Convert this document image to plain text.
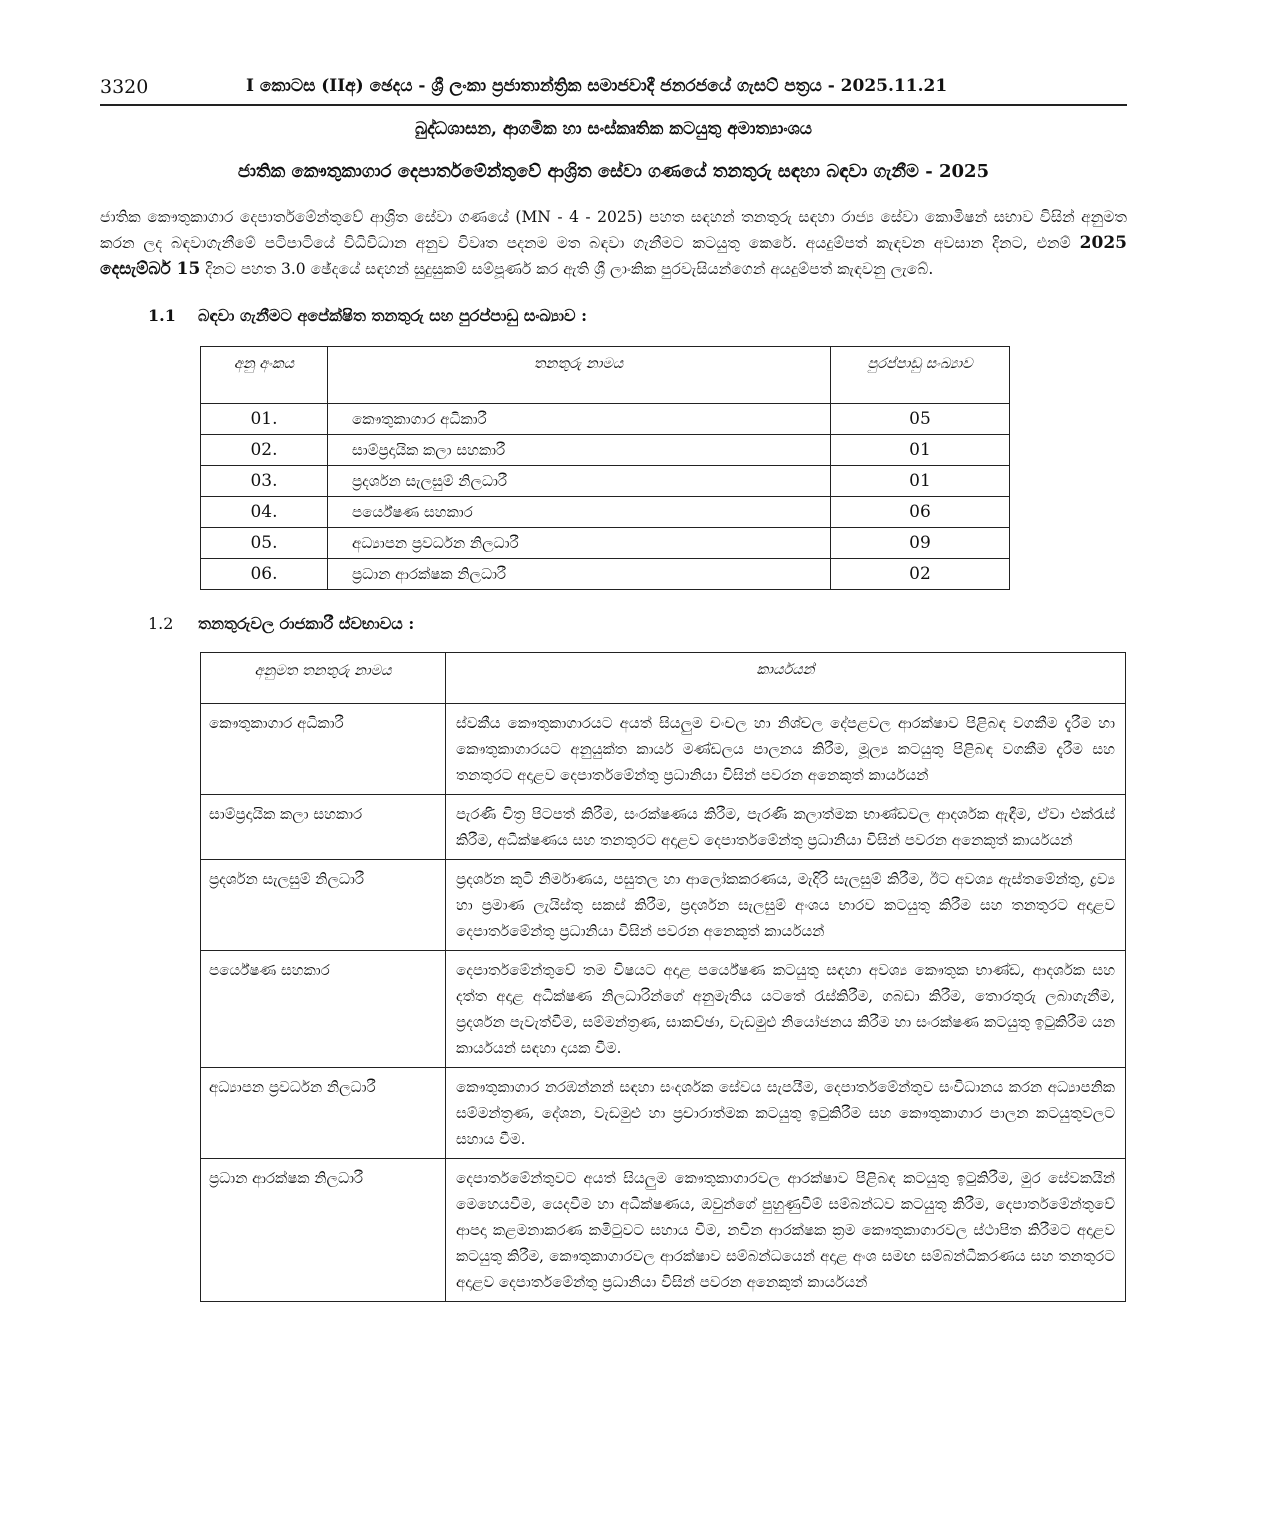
3320	I කොටස (IIඅ) ඡෙදය - ශ්‍රී ලංකා ප්‍රජාතාන්ත්‍රික සමාජවාදී ජනරජයේ ගැසට් පත්‍රය - 2025.11.21
බුද්ධශාසන, ආගමික හා සංස්කෘතික කටයුතු අමාත්‍යාංශය
ජාතික කෞතුකාගාර දෙපාර්තමේන්තුවේ ආශ්‍රිත සේවා ගණයේ තනතුරු සඳහා බඳවා ගැනීම - 2025
ජාතික කෞතුකාගාර දෙපාර්තමේන්තුවේ ආශ්‍රිත සේවා ගණයේ (MN - 4 - 2025) පහත සඳහන් තනතුරු සඳහා රාජ්‍ය සේවා කොමිෂන් සභාව විසින් අනුමත කරන ලද බඳවාගැනීමේ පටිපාටියේ විධිවිධාන අනුව විවෘත පදනම මත බඳවා ගැනීමට කටයුතු කෙරේ. අයදුම්පත් කැඳවන අවසාන දිනට, එනම් 2025 දෙසැම්බර් 15 දිනට පහත 3.0 ඡේදයේ සඳහන් සුදුසුකම් සම්පූර්ණ කර ඇති ශ්‍රී ලාංකික පුරවැසියන්ගෙන් අයදුම්පත් කැඳවනු ලැබේ.
1.1	බඳවා ගැනීමට අපේක්ෂිත තනතුරු සහ පුරප්පාඩු සංඛ්‍යාව :
අනු අංකය	තනතුරු නාමය	පුරප්පාඩු සංඛ්‍යාව
01.	කෞතුකාගාර අධිකාරී	05
02.	සාම්ප්‍රදායික කලා සහකාරී	01
03.	ප්‍රදර්ශන සැලසුම් නිලධාරී	01
04.	පර්යේෂණ සහකාර	06
05.	අධ්‍යාපන ප්‍රවර්ධන නිලධාරී	09
06.	ප්‍රධාන ආරක්ෂක නිලධාරී	02
1.2	තනතුරුවල රාජකාරී ස්වභාවය :
අනුමත තනතුරු නාමය	කාර්යයන්
කෞතුකාගාර අධිකාරී	ස්වකීය කෞතුකාගාරයට අයත් සියලුම චංචල හා නිශ්චල දේපළවල ආරක්ෂාව පිළිබඳ වගකීම දැරීම හා කෞතුකාගාරයට අනුයුක්ත කාර්ය මණ්ඩලය පාලනය කිරීම, මූල්‍ය කටයුතු පිළිබඳ වගකීම දැරීම සහ තනතුරට අදාළව දෙපාර්තමේන්තු ප්‍රධානියා විසින් පවරන අනෙකුත් කාර්යයන්
සාම්ප්‍රදායික කලා සහකාර	පැරණි චිත්‍ර පිටපත් කිරීම, සංරක්ෂණය කිරීම, පැරණි කලාත්මක භාණ්ඩවල ආදර්ශක ඇඳීම, ඒවා එක්රැස් කිරීම, අධීක්ෂණය සහ තනතුරට අදාළව දෙපාර්තමේන්තු ප්‍රධානියා විසින් පවරන අනෙකුත් කාර්යයන්
ප්‍රදර්ශන සැලසුම් නිලධාරී	ප්‍රදර්ශන කුටි නිර්මාණය, පසුතල හා ආලෝකකරණය, මැදිරි සැලසුම් කිරීම, ඊට අවශ්‍ය ඇස්තමේන්තු, ද්‍රව්‍ය හා ප්‍රමාණ ලැයිස්තු සකස් කිරීම, ප්‍රදර්ශන සැලසුම් අංශය භාරව කටයුතු කිරීම සහ තනතුරට අදාළව දෙපාර්තමේන්තු ප්‍රධානියා විසින් පවරන අනෙකුත් කාර්යයන්
පර්යේෂණ සහකාර	දෙපාර්තමේන්තුවේ තම විෂයට අදාළ පර්යේෂණ කටයුතු සඳහා අවශ්‍ය කෞතුක භාණ්ඩ, ආදර්ශක සහ දත්ත අදාළ අධීක්ෂණ නිලධාරින්ගේ අනුමැතිය යටතේ රැස්කිරීම, ගබඩා කිරීම, තොරතුරු ලබාගැනීම, ප්‍රදර්ශන පැවැත්වීම, සම්මන්ත්‍රණ, සාකච්ඡා, වැඩමුළු නියෝජනය කිරීම හා සංරක්ෂණ කටයුතු ඉටුකිරීම යන කාර්යයන් සඳහා දායක වීම.
අධ්‍යාපන ප්‍රවර්ධන නිලධාරී	කෞතුකාගාර නරඹන්නන් සඳහා සංදර්ශක සේවය සැපයීම, දෙපාර්තමේන්තුව සංවිධානය කරන අධ්‍යාපනික සම්මන්ත්‍රණ, දේශන, වැඩමුළු හා ප්‍රචාරාත්මක කටයුතු ඉටුකිරීම සහ කෞතුකාගාර පාලන කටයුතුවලට සහාය වීම.
ප්‍රධාන ආරක්ෂක නිලධාරී	දෙපාර්තමේන්තුවට අයත් සියලුම කෞතුකාගාරවල ආරක්ෂාව පිළිබඳ කටයුතු ඉටුකිරීම, මුර සේවකයින් මෙහෙයවීම, යෙදවීම හා අධීක්ෂණය, ඔවුන්ගේ පුහුණුවීම් සම්බන්ධව කටයුතු කිරීම, දෙපාර්තමේන්තුවේ ආපදා කළමනාකරණ කමිටුවට සහාය වීම, නවීන ආරක්ෂක ක්‍රම කෞතුකාගාරවල ස්ථාපිත කිරීමට අදාළව කටයුතු කිරීම, කෞතුකාගාරවල ආරක්ෂාව සම්බන්ධයෙන් අදාළ අංශ සමඟ සම්බන්ධීකරණය සහ තනතුරට අදාළව දෙපාර්තමේන්තු ප්‍රධානියා විසින් පවරන අනෙකුත් කාර්යයන්
